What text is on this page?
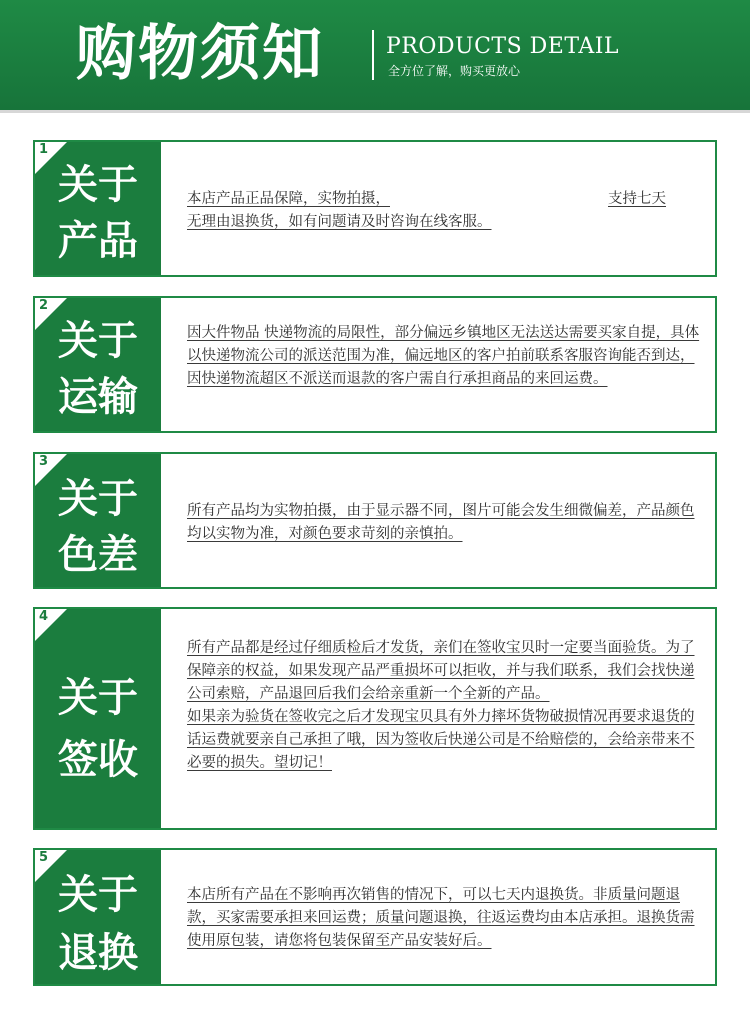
购物须知	PRODUCTS DETAIL
全方位了解，购买更放心
1
关于
产品

本店产品正品保障，实物拍摄，	支持七天

无理由退换货，如有问题请及时咨询在线客服。

2
关于
运输

因大件物品 快递物流的局限性，部分偏远乡镇地区无法送达需要买家自提，具体以快递物流公司的派送范围为准，偏远地区的客户拍前联系客服咨询能否到达，因快递物流超区不派送而退款的客户需自行承担商品的来回运费。

3
关于
色差

所有产品均为实物拍摄，由于显示器不同，图片可能会发生细微偏差，产品颜色均以实物为准，对颜色要求苛刻的亲慎拍。

4
关于
签收

所有产品都是经过仔细质检后才发货，亲们在签收宝贝时一定要当面验货。为了保障亲的权益，如果发现产品严重损坏可以拒收，并与我们联系，我们会找快递公司索赔，产品退回后我们会给亲重新一个全新的产品。

如果亲为验货在签收完之后才发现宝贝具有外力摔坏货物破损情况再要求退货的话运费就要亲自己承担了哦，因为签收后快递公司是不给赔偿的，会给亲带来不必要的损失。望切记！

5
关于
退换

本店所有产品在不影响再次销售的情况下，可以七天内退换货。非质量问题退款，买家需要承担来回运费；质量问题退换，往返运费均由本店承担。退换货需使用原包装，请您将包装保留至产品安装好后。
